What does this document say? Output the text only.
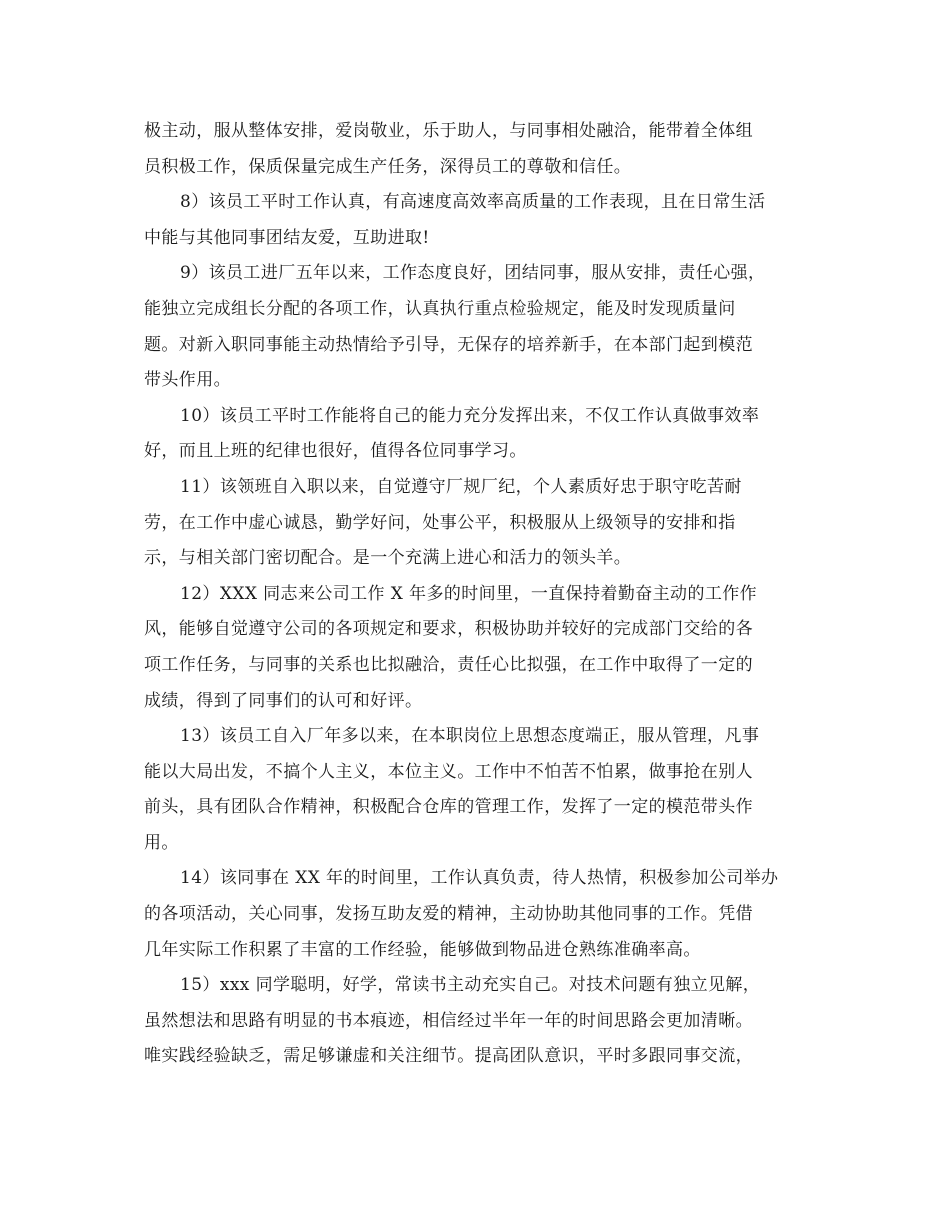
极主动，服从整体安排，爱岗敬业，乐于助人，与同事相处融洽，能带着全体组
员积极工作，保质保量完成生产任务，深得员工的尊敬和信任。
8）该员工平时工作认真，有高速度高效率高质量的工作表现，且在日常生活
中能与其他同事团结友爱，互助进取!
9）该员工进厂五年以来，工作态度良好，团结同事，服从安排，责任心强，
能独立完成组长分配的各项工作，认真执行重点检验规定，能及时发现质量问
题。对新入职同事能主动热情给予引导，无保存的培养新手，在本部门起到模范
带头作用。
10）该员工平时工作能将自己的能力充分发挥出来，不仅工作认真做事效率
好，而且上班的纪律也很好，值得各位同事学习。
11）该领班自入职以来，自觉遵守厂规厂纪，个人素质好忠于职守吃苦耐
劳，在工作中虚心诚恳，勤学好问，处事公平，积极服从上级领导的安排和指
示，与相关部门密切配合。是一个充满上进心和活力的领头羊。
12）XXX 同志来公司工作 X 年多的时间里，一直保持着勤奋主动的工作作
风，能够自觉遵守公司的各项规定和要求，积极协助并较好的完成部门交给的各
项工作任务，与同事的关系也比拟融洽，责任心比拟强，在工作中取得了一定的
成绩，得到了同事们的认可和好评。
13）该员工自入厂年多以来，在本职岗位上思想态度端正，服从管理，凡事
能以大局出发，不搞个人主义，本位主义。工作中不怕苦不怕累，做事抢在别人
前头，具有团队合作精神，积极配合仓库的管理工作，发挥了一定的模范带头作
用。
14）该同事在 XX 年的时间里，工作认真负责，待人热情，积极参加公司举办
的各项活动，关心同事，发扬互助友爱的精神，主动协助其他同事的工作。凭借
几年实际工作积累了丰富的工作经验，能够做到物品进仓熟练准确率高。
15）xxx 同学聪明，好学，常读书主动充实自己。对技术问题有独立见解，
虽然想法和思路有明显的书本痕迹，相信经过半年一年的时间思路会更加清晰。
唯实践经验缺乏，需足够谦虚和关注细节。提高团队意识，平时多跟同事交流，
